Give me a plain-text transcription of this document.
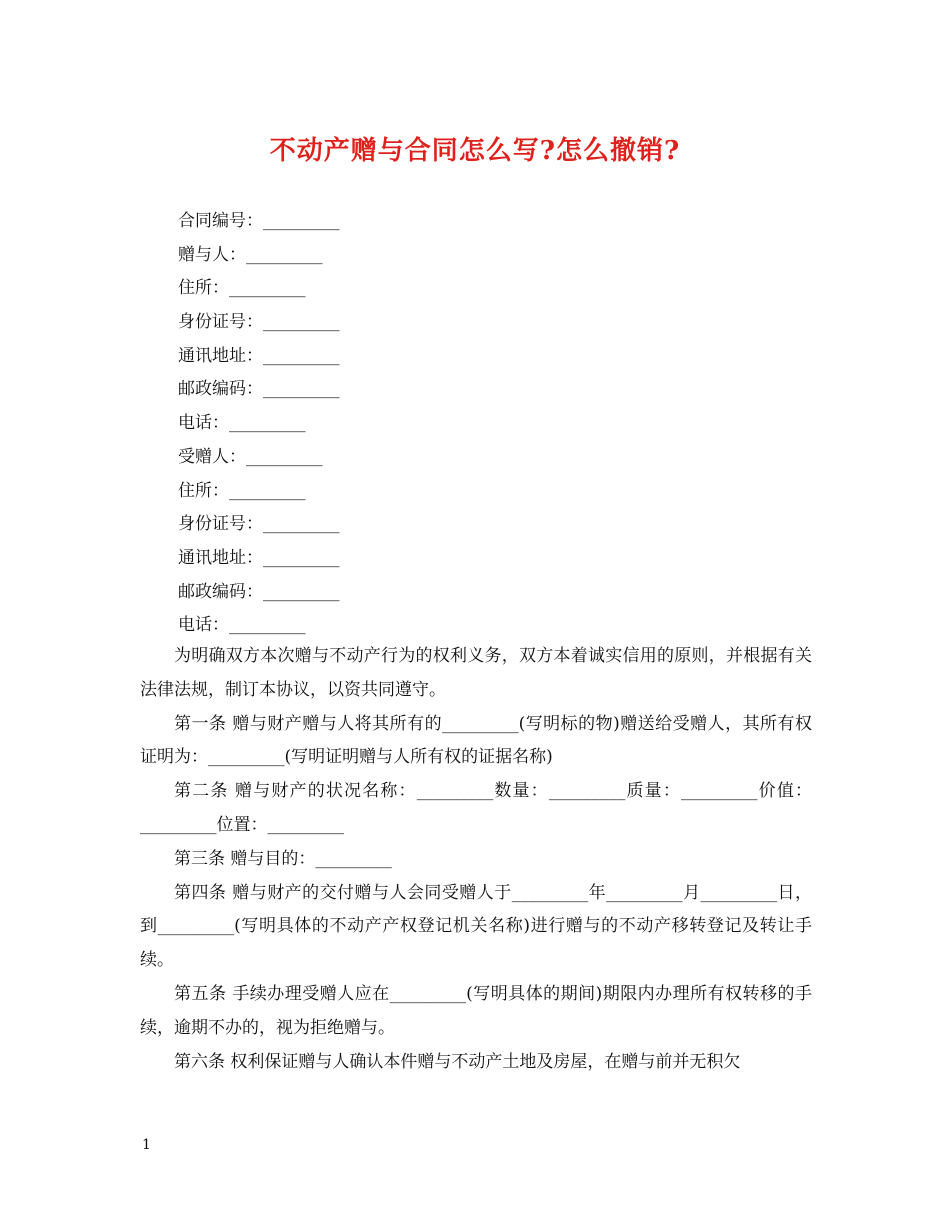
不动产赠与合同怎么写?怎么撤销?
合同编号：_________
赠与人：_________
住所：_________
身份证号：_________
通讯地址：_________
邮政编码：_________
电话：_________
受赠人：_________
住所：_________
身份证号：_________
通讯地址：_________
邮政编码：_________
电话：_________

为明确双方本次赠与不动产行为的权利义务，双方本着诚实信用的原则，并根据有关法律法规，制订本协议，以资共同遵守。

第一条 赠与财产赠与人将其所有的_________(写明标的物)赠送给受赠人，其所有权证明为：_________(写明证明赠与人所有权的证据名称)

第二条 赠与财产的状况名称：_________数量：_________质量：_________价值：_________位置：_________

第三条 赠与目的：_________

第四条 赠与财产的交付赠与人会同受赠人于_________年_________月_________日，到_________(写明具体的不动产产权登记机关名称)进行赠与的不动产移转登记及转让手续。

第五条 手续办理受赠人应在_________(写明具体的期间)期限内办理所有权转移的手续，逾期不办的，视为拒绝赠与。

第六条 权利保证赠与人确认本件赠与不动产土地及房屋，在赠与前并无积欠

1
